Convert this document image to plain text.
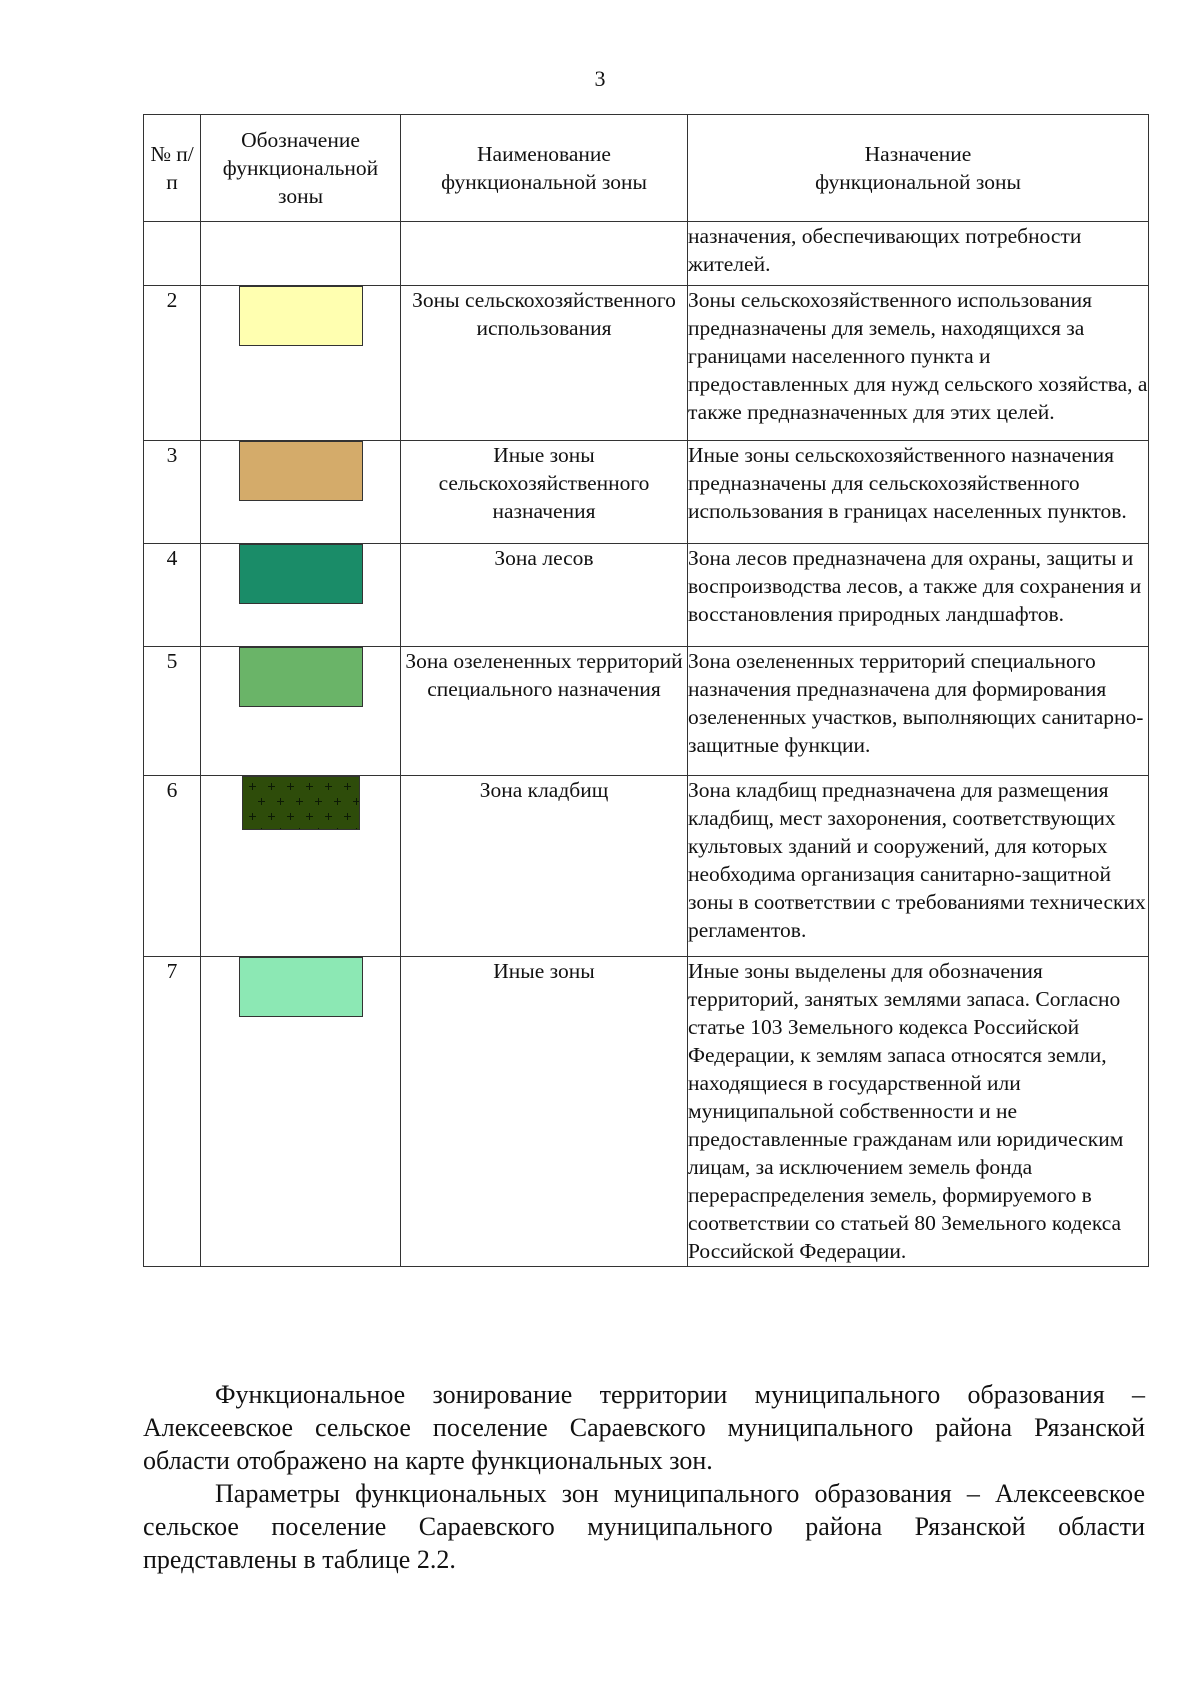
3
№ п/п	Обозначение функциональной зоны	Наименование функциональной зоны	Назначение функциональной зоны
			назначения, обеспечивающих потребности жителей.
2		Зоны сельскохозяйственного использования	Зоны сельскохозяйственного использования предназначены для земель, находящихся за границами населенного пункта и предоставленных для нужд сельского хозяйства, а также предназначенных для этих целей.
3		Иные зоны сельскохозяйственного назначения	Иные зоны сельскохозяйственного назначения предназначены для сельскохозяйственного использования в границах населенных пунктов.
4		Зона лесов	Зона лесов предназначена для охраны, защиты и воспроизводства лесов, а также для сохранения и восстановления природных ландшафтов.
5		Зона озелененных территорий специального назначения	Зона озелененных территорий специального назначения предназначена для формирования озелененных участков, выполняющих санитарно-защитные функции.
6		Зона кладбищ	Зона кладбищ предназначена для размещения кладбищ, мест захоронения, соответствующих культовых зданий и сооружений, для которых необходима организация санитарно-защитной зоны в соответствии с требованиями технических регламентов.
7		Иные зоны	Иные зоны выделены для обозначения территорий, занятых землями запаса. Согласно статье 103 Земельного кодекса Российской Федерации, к землям запаса относятся земли, находящиеся в государственной или муниципальной собственности и не предоставленные гражданам или юридическим лицам, за исключением земель фонда перераспределения земель, формируемого в соответствии со статьей 80 Земельного кодекса Российской Федерации.

Функциональное зонирование территории муниципального образования – Алексеевское сельское поселение Сараевского муниципального района Рязанской области отображено на карте функциональных зон.

Параметры функциональных зон муниципального образования – Алексеевское сельское поселение Сараевского муниципального района Рязанской области представлены в таблице 2.2.
